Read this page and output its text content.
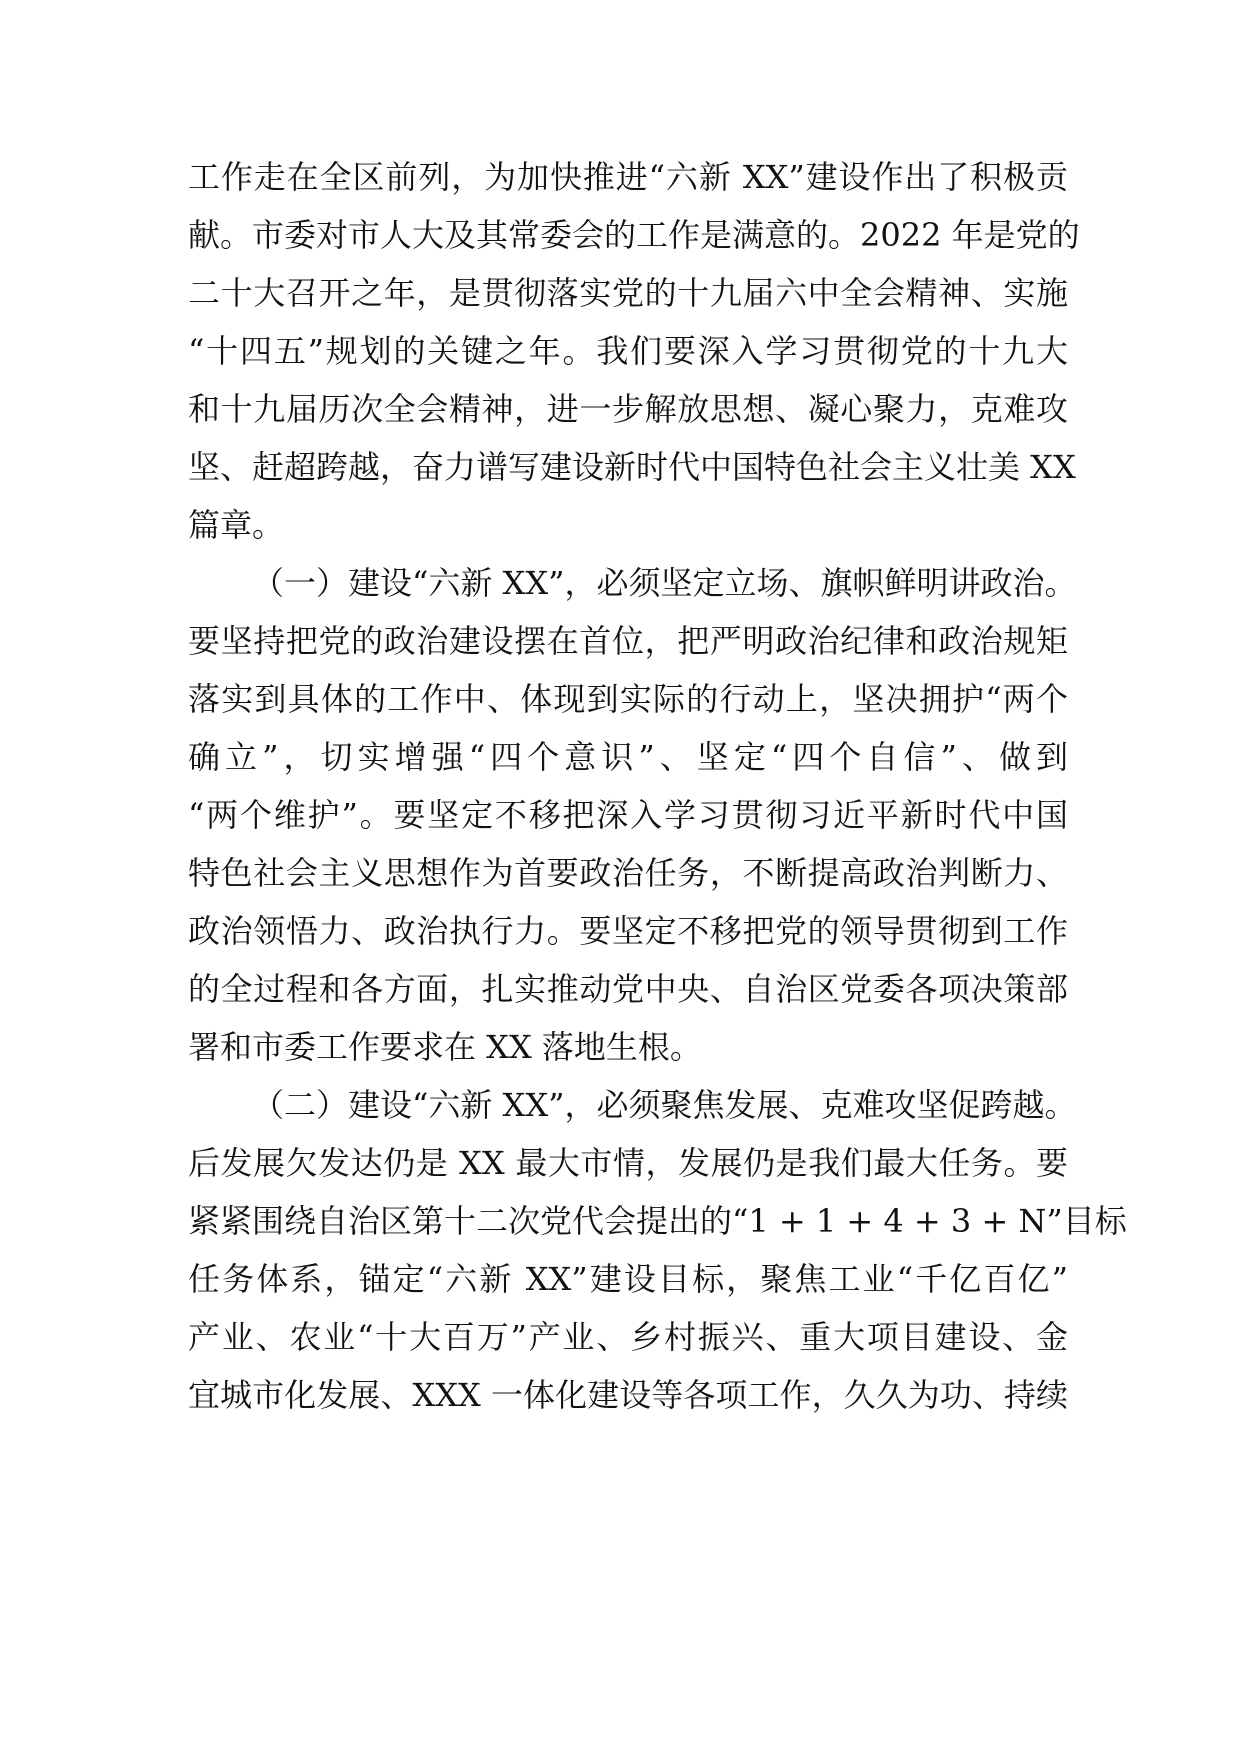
工作走在全区前列，为加快推进“六新 XX”建设作出了积极贡
献。市委对市人大及其常委会的工作是满意的。2022 年是党的
二十大召开之年，是贯彻落实党的十九届六中全会精神、实施
“十四五”规划的关键之年。我们要深入学习贯彻党的十九大
和十九届历次全会精神，进一步解放思想、凝心聚力，克难攻
坚、赶超跨越，奋力谱写建设新时代中国特色社会主义壮美 XX
篇章。
（一）建设“六新 XX”，必须坚定立场、旗帜鲜明讲政治。
要坚持把党的政治建设摆在首位，把严明政治纪律和政治规矩
落实到具体的工作中、体现到实际的行动上，坚决拥护“两个
确立”，切实增强“四个意识”、坚定“四个自信”、做到
“两个维护”。要坚定不移把深入学习贯彻习近平新时代中国
特色社会主义思想作为首要政治任务，不断提高政治判断力、
政治领悟力、政治执行力。要坚定不移把党的领导贯彻到工作
的全过程和各方面，扎实推动党中央、自治区党委各项决策部
署和市委工作要求在 XX 落地生根。
（二）建设“六新 XX”，必须聚焦发展、克难攻坚促跨越。
后发展欠发达仍是 XX 最大市情，发展仍是我们最大任务。要
紧紧围绕自治区第十二次党代会提出的“1 + 1 + 4 + 3 + N”目标
任务体系，锚定“六新 XX”建设目标，聚焦工业“千亿百亿”
产业、农业“十大百万”产业、乡村振兴、重大项目建设、金
宜城市化发展、XXX 一体化建设等各项工作，久久为功、持续
